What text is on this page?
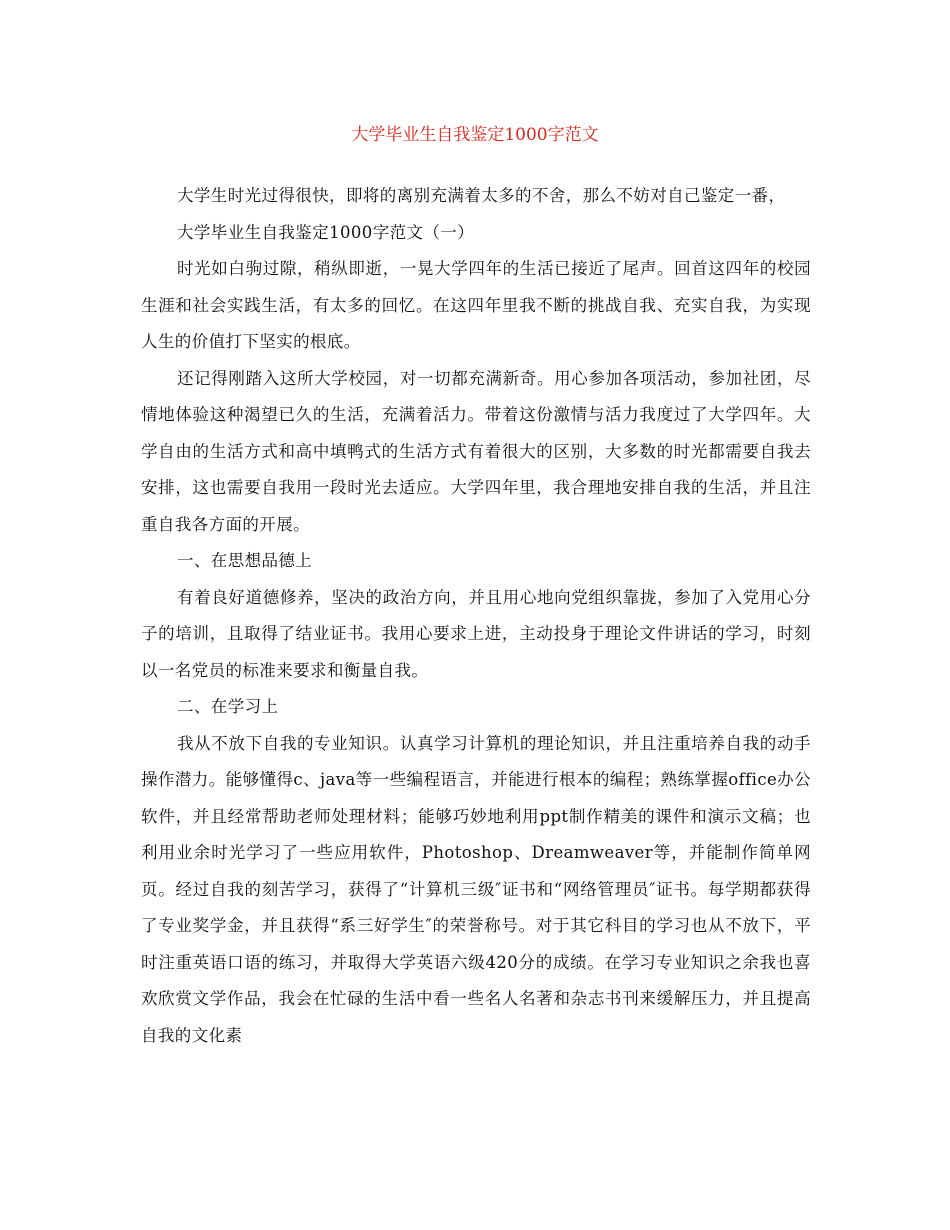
大学毕业生自我鉴定1000字范文

大学生时光过得很快，即将的离别充满着太多的不舍，那么不妨对自己鉴定一番，

大学毕业生自我鉴定1000字范文（一）

时光如白驹过隙，稍纵即逝，一晃大学四年的生活已接近了尾声。回首这四年的校园生涯和社会实践生活，有太多的回忆。在这四年里我不断的挑战自我、充实自我，为实现人生的价值打下坚实的根底。

还记得刚踏入这所大学校园，对一切都充满新奇。用心参加各项活动，参加社团，尽情地体验这种渴望已久的生活，充满着活力。带着这份激情与活力我度过了大学四年。大学自由的生活方式和高中填鸭式的生活方式有着很大的区别，大多数的时光都需要自我去安排，这也需要自我用一段时光去适应。大学四年里，我合理地安排自我的生活，并且注重自我各方面的开展。

一、在思想品德上

有着良好道德修养，坚决的政治方向，并且用心地向党组织靠拢，参加了入党用心分子的培训，且取得了结业证书。我用心要求上进，主动投身于理论文件讲话的学习，时刻以一名党员的标准来要求和衡量自我。

二、在学习上

我从不放下自我的专业知识。认真学习计算机的理论知识，并且注重培养自我的动手操作潜力。能够懂得c、java等一些编程语言，并能进行根本的编程；熟练掌握office办公软件，并且经常帮助老师处理材料；能够巧妙地利用ppt制作精美的课件和演示文稿；也利用业余时光学习了一些应用软件，Photoshop、Dreamweaver等，并能制作简单网页。经过自我的刻苦学习，获得了“计算机三级″证书和“网络管理员″证书。每学期都获得了专业奖学金，并且获得“系三好学生″的荣誉称号。对于其它科目的学习也从不放下，平时注重英语口语的练习，并取得大学英语六级420分的成绩。在学习专业知识之余我也喜欢欣赏文学作品，我会在忙碌的生活中看一些名人名著和杂志书刊来缓解压力，并且提高自我的文化素
